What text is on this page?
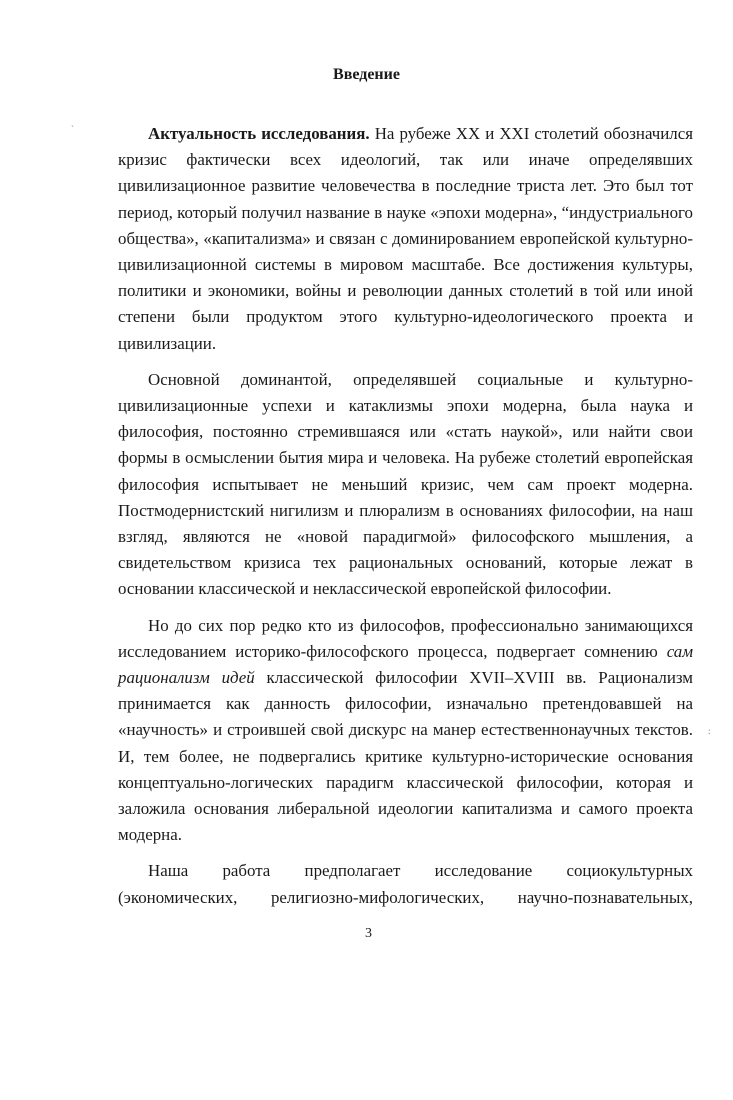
Введение

Актуальность исследования. На рубеже XX и XXI столетий обозначился кризис фактически всех идеологий, так или иначе определявших цивилизационное развитие человечества в последние триста лет. Это был тот период, который получил название в науке «эпохи модерна», “индустриального общества», «капитализма» и связан с доминированием европейской культурно-цивилизационной системы в мировом масштабе. Все достижения культуры, политики и экономики, войны и революции данных столетий в той или иной степени были продуктом этого культурно-идеологического проекта и цивилизации.

Основной доминантой, определявшей социальные и культурно-цивилизационные успехи и катаклизмы эпохи модерна, была наука и философия, постоянно стремившаяся или «стать наукой», или найти свои формы в осмыслении бытия мира и человека. На рубеже столетий европейская философия испытывает не меньший кризис, чем сам проект модерна. Постмодернистский нигилизм и плюрализм в основаниях философии, на наш взгляд, являются не «новой парадигмой» философского мышления, а свидетельством кризиса тех рациональных оснований, которые лежат в основании классической и неклассической европейской философии.

Но до сих пор редко кто из философов, профессионально занимающихся исследованием историко-философского процесса, подвергает сомнению сам рационализм идей классической философии XVII–XVIII вв. Рационализм принимается как данность философии, изначально претендовавшей на «научность» и строившей свой дискурс на манер естественнонаучных текстов. И, тем более, не подвергались критике культурно-исторические основания концептуально-логических парадигм классической философии, которая и заложила основания либеральной идеологии капитализма и самого проекта модерна.

Наша работа предполагает исследование социокультурных (экономических, религиозно-мифологических, научно-познавательных,

3
ˏ
:
